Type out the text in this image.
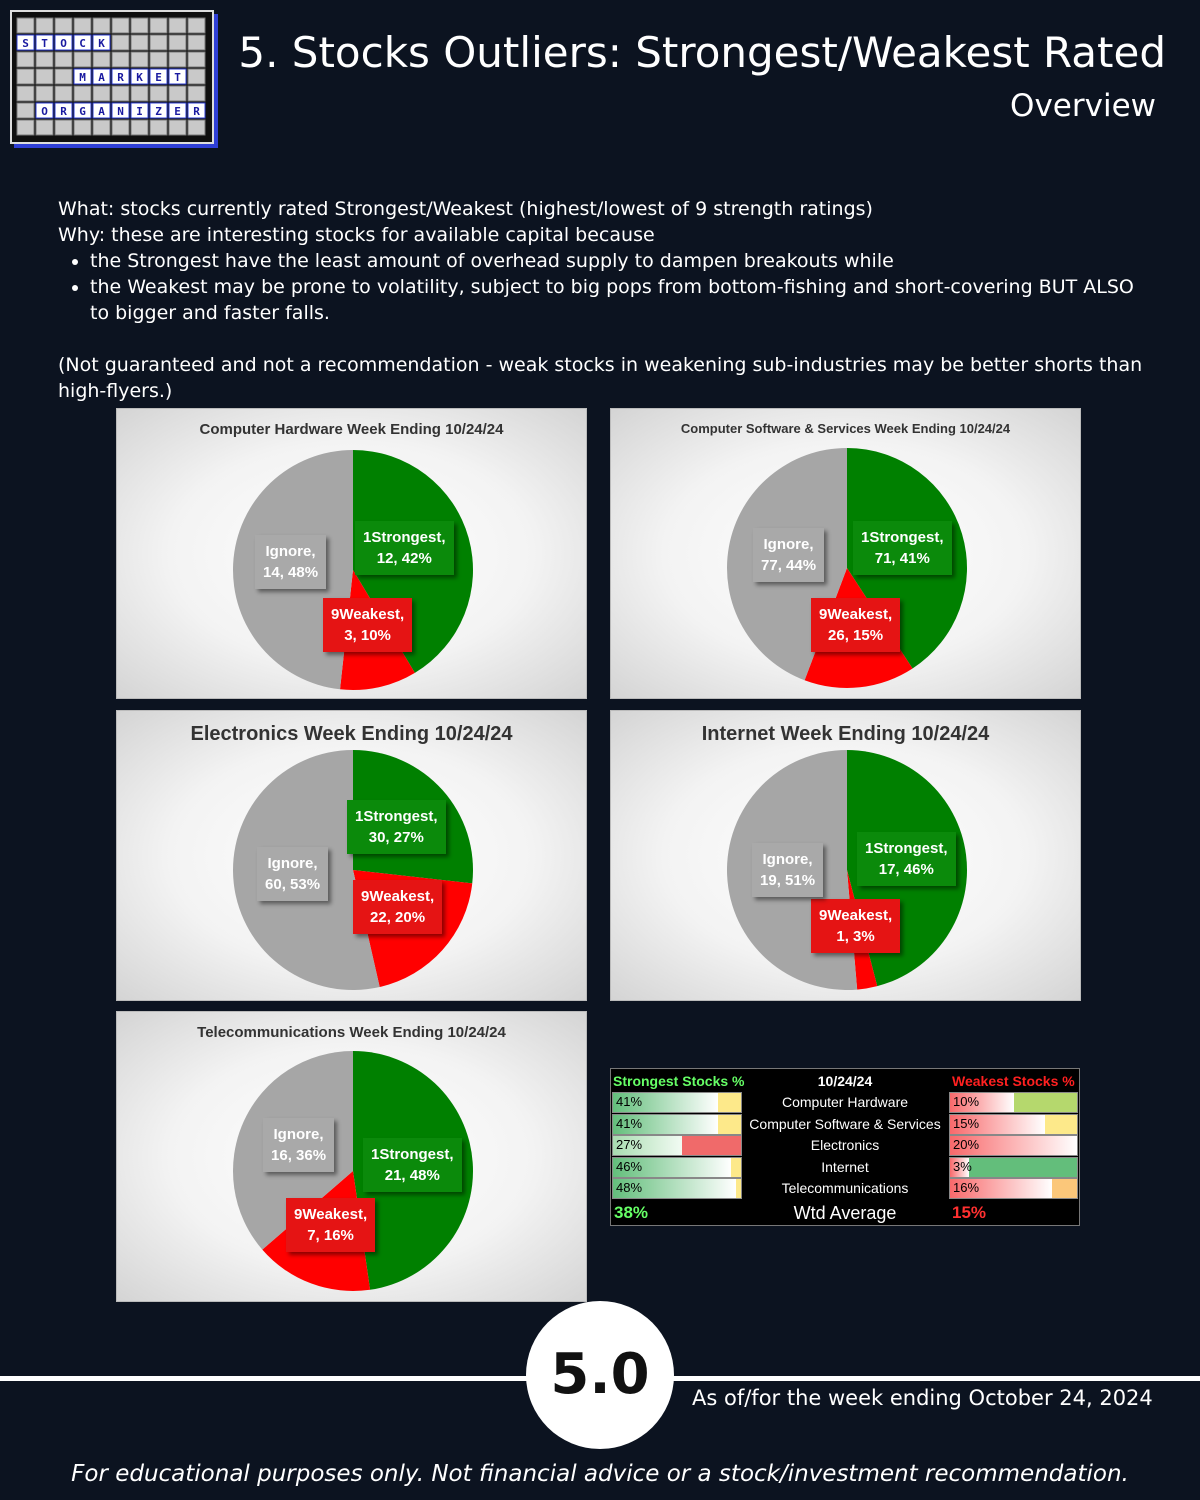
S T O C K
M A R K E T
O R G A N I Z E R
5. Stocks Outliers: Strongest/Weakest Rated
Overview

What: stocks currently rated Strongest/Weakest (highest/lowest of 9 strength ratings)

Why: these are interesting stocks for available capital because

• the Strongest have the least amount of overhead supply to dampen breakouts while
• the Weakest may be prone to volatility, subject to big pops from bottom-fishing and short-covering BUT ALSO to bigger and faster falls.

(Not guaranteed and not a recommendation - weak stocks in weakening sub-industries may be better shorts than high-flyers.)

Computer Hardware Week Ending 10/24/24
1Strongest,
12, 42%
9Weakest,
3, 10%
Ignore,
14, 48%
Computer Software & Services Week Ending 10/24/24
1Strongest,
71, 41%
9Weakest,
26, 15%
Ignore,
77, 44%
Electronics Week Ending 10/24/24
1Strongest,
30, 27%
9Weakest,
22, 20%
Ignore,
60, 53%
Internet Week Ending 10/24/24
1Strongest,
17, 46%
9Weakest,
1, 3%
Ignore,
19, 51%
Telecommunications Week Ending 10/24/24
1Strongest,
21, 48%
9Weakest,
7, 16%
Ignore,
16, 36%
Strongest Stocks %	10/24/24	Weakest Stocks %
41%	Computer Hardware	10%
41%	Computer Software & Services 15%
27%	Electronics	20%
46%	Internet	3%
48%	Telecommunications	16%
38%	Wtd Average	15%
5.0	As of/for the week ending October 24, 2024
For educational purposes only. Not financial advice or a stock/investment recommendation.
